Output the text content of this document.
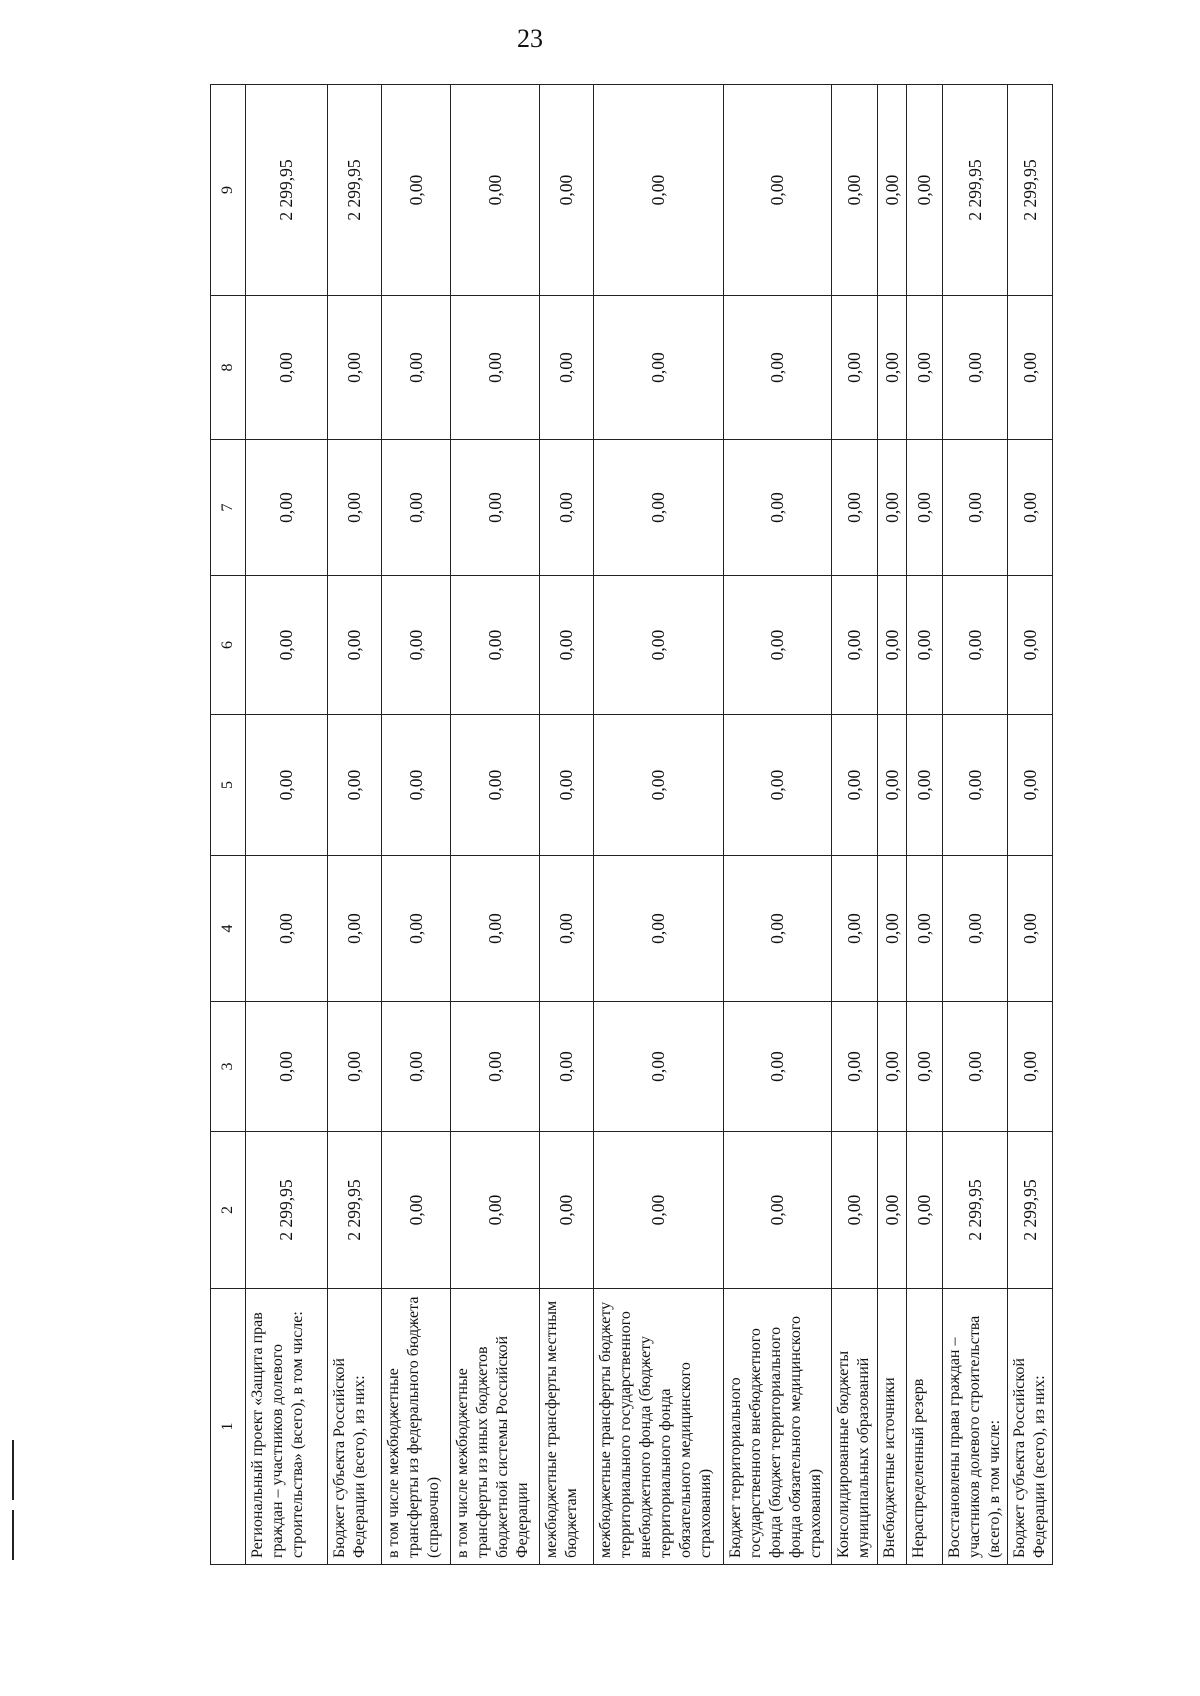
23
1	2	3	4	5	6	7	8	9
Региональный проект «Защита прав граждан – участников долевого строительства» (всего), в том числе:	2 299,95	0,00	0,00	0,00	0,00	0,00	0,00	2 299,95
Бюджет субъекта Российской Федерации (всего), из них:	2 299,95	0,00	0,00	0,00	0,00	0,00	0,00	2 299,95
в том числе межбюджетные трансферты из федерального бюджета (справочно)	0,00	0,00	0,00	0,00	0,00	0,00	0,00	0,00
в том числе межбюджетные трансферты из иных бюджетов бюджетной системы Российской Федерации	0,00	0,00	0,00	0,00	0,00	0,00	0,00	0,00
межбюджетные трансферты местным бюджетам	0,00	0,00	0,00	0,00	0,00	0,00	0,00	0,00
межбюджетные трансферты бюджету территориального государственного внебюджетного фонда (бюджету территориального фонда обязательного медицинского страхования)	0,00	0,00	0,00	0,00	0,00	0,00	0,00	0,00
Бюджет территориального государственного внебюджетного фонда (бюджет территориального фонда обязательного медицинского страхования)	0,00	0,00	0,00	0,00	0,00	0,00	0,00	0,00
Консолидированные бюджеты муниципальных образований	0,00	0,00	0,00	0,00	0,00	0,00	0,00	0,00
Внебюджетные источники	0,00	0,00	0,00	0,00	0,00	0,00	0,00	0,00
Нераспределенный резерв	0,00	0,00	0,00	0,00	0,00	0,00	0,00	0,00
Восстановлены права граждан – участников долевого строительства (всего), в том числе:	2 299,95	0,00	0,00	0,00	0,00	0,00	0,00	2 299,95
Бюджет субъекта Российской Федерации (всего), из них:	2 299,95	0,00	0,00	0,00	0,00	0,00	0,00	2 299,95
